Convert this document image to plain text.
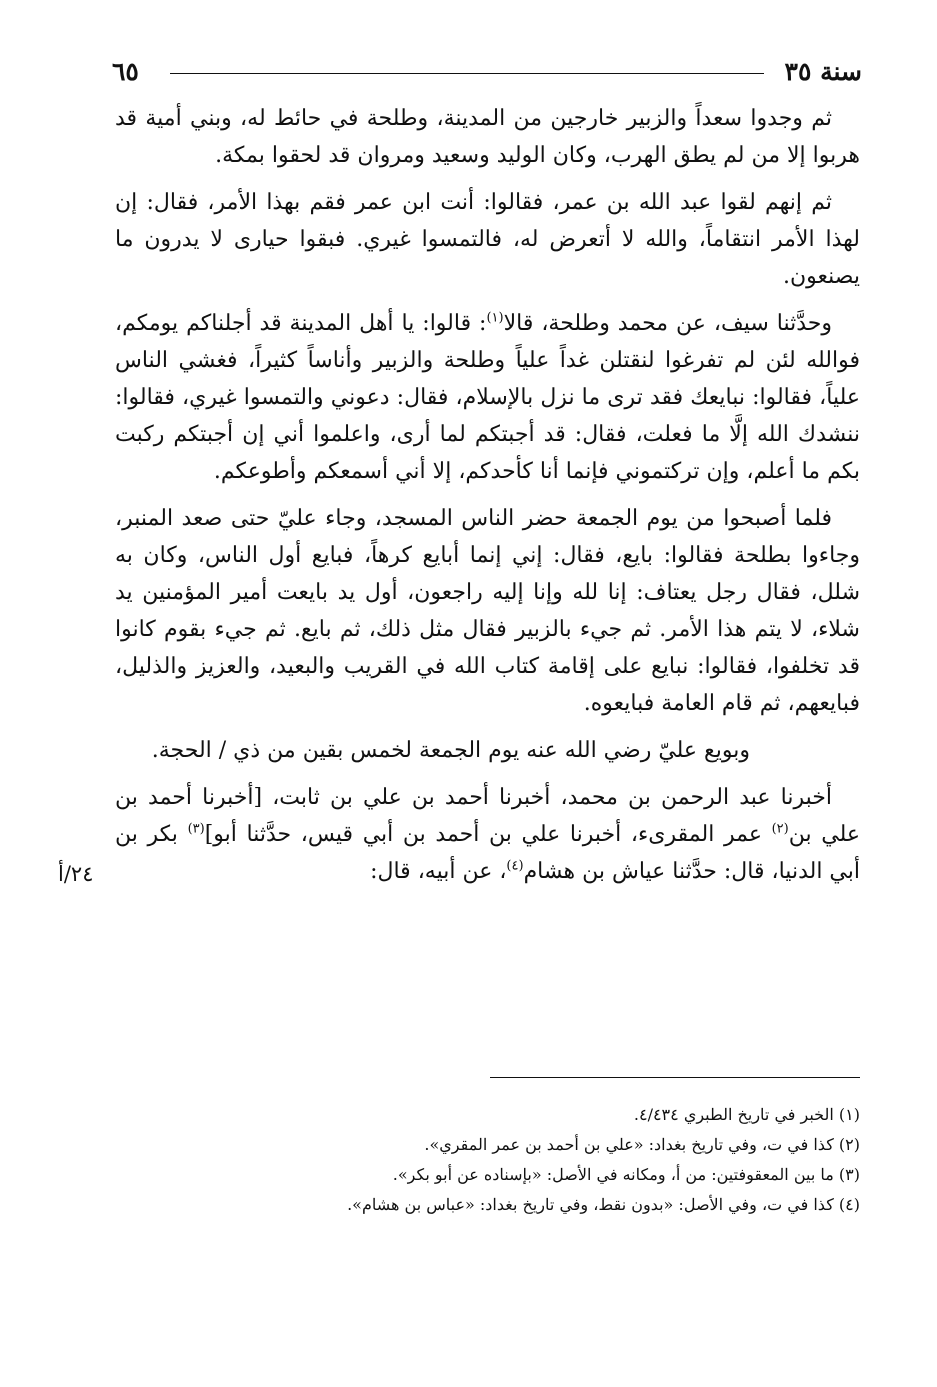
سنة ٣٥
٦٥

ثم وجدوا سعداً والزبير خارجين من المدينة، وطلحة في حائط له، وبني أمية قد هربوا إلا من لم يطق الهرب، وكان الوليد وسعيد ومروان قد لحقوا بمكة.

ثم إنهم لقوا عبد الله بن عمر، فقالوا: أنت ابن عمر فقم بهذا الأمر، فقال: إن لهذا الأمر انتقاماً، والله لا أتعرض له، فالتمسوا غيري. فبقوا حيارى لا يدرون ما يصنعون.

وحدَّثنا سيف، عن محمد وطلحة، قالا$^{(١)}$: قالوا: يا أهل المدينة قد أجلناكم يومكم، فوالله لئن لم تفرغوا لنقتلن غداً علياً وطلحة والزبير وأناساً كثيراً، فغشي الناس علياً، فقالوا: نبايعك فقد ترى ما نزل بالإسلام، فقال: دعوني والتمسوا غيري، فقالوا: ننشدك الله إلَّا ما فعلت، فقال: قد أجبتكم لما أرى، واعلموا أني إن أجبتكم ركبت بكم ما أعلم، وإن تركتموني فإنما أنا كأحدكم، إلا أني أسمعكم وأطوعكم.

فلما أصبحوا من يوم الجمعة حضر الناس المسجد، وجاء عليّ حتى صعد المنبر، وجاءوا بطلحة فقالوا: بايع، فقال: إني إنما أبايع كرهاً، فبايع أول الناس، وكان به شلل، فقال رجل يعتاف: إنا لله وإنا إليه راجعون، أول يد بايعت أمير المؤمنين يد شلاء، لا يتم هذا الأمر. ثم جيء بالزبير فقال مثل ذلك، ثم بايع. ثم جيء بقوم كانوا قد تخلفوا، فقالوا: نبايع على إقامة كتاب الله في القريب والبعيد، والعزيز والذليل، فبايعهم، ثم قام العامة فبايعوه.

وبويع عليّ رضي الله عنه يوم الجمعة لخمس بقين من ذي / الحجة.

أخبرنا عبد الرحمن بن محمد، أخبرنا أحمد بن علي بن ثابت، [أخبرنا أحمد بن علي بن$^{(٢)}$ عمر المقرىء، أخبرنا علي بن أحمد بن أبي قيس، حدَّثنا أبو]$^{(٣)}$ بكر بن أبي الدنيا، قال: حدَّثنا عياش بن هشام$^{(٤)}$، عن أبيه، قال:

٢٤/أ
(١) الخبر في تاريخ الطبري ٤/٤٣٤.
(٢) كذا في ت، وفي تاريخ بغداد: «علي بن أحمد بن عمر المقري».
(٣) ما بين المعقوفتين: من أ، ومكانه في الأصل: «بإسناده عن أبو بكر».
(٤) كذا في ت، وفي الأصل: «بدون نقط، وفي تاريخ بغداد: «عباس بن هشام».
